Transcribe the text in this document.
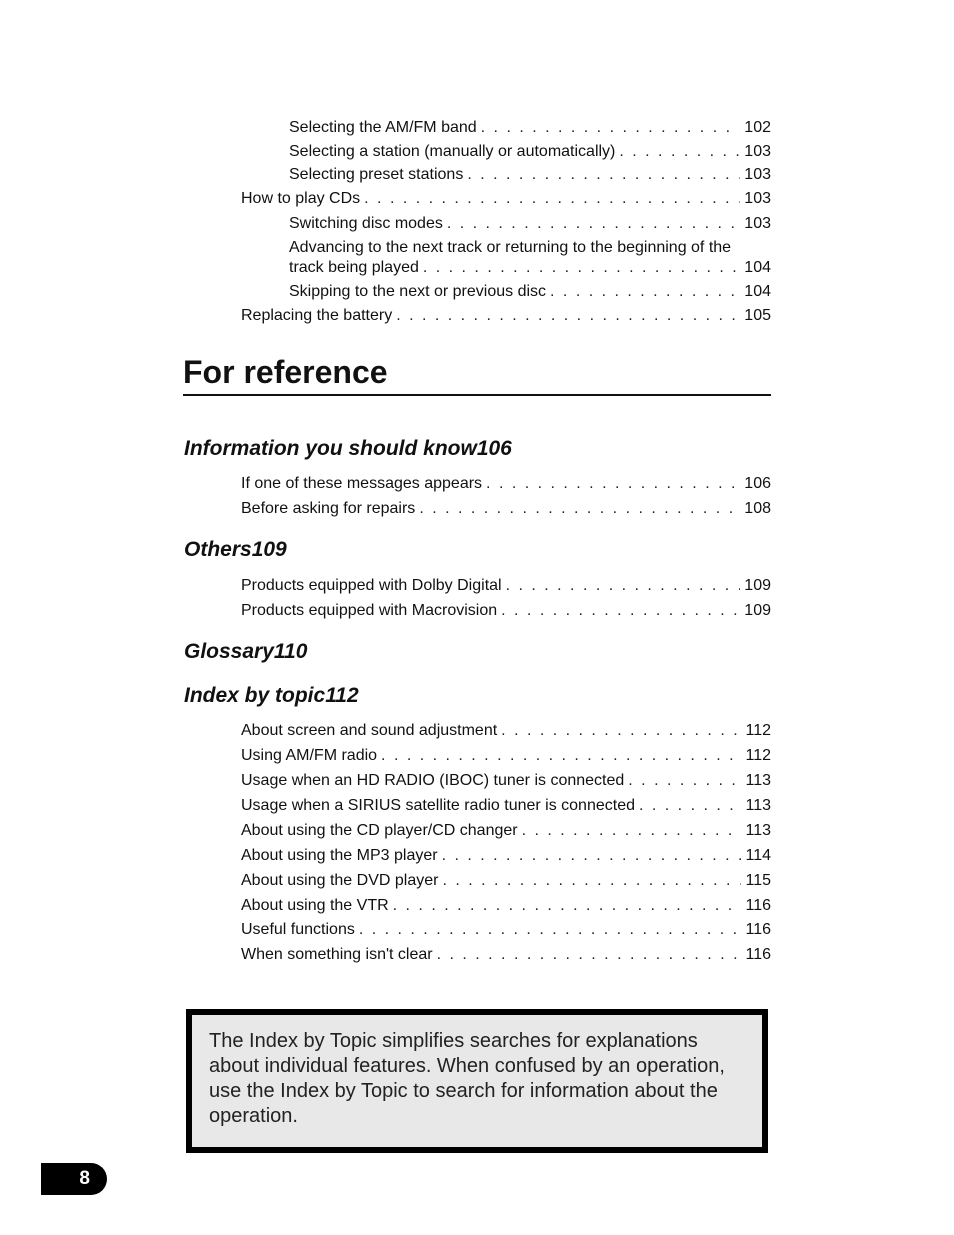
Selecting the AM/FM band . . .	102
Selecting a station (manually or automatically) . . .	103
Selecting preset stations . . .	103
How to play CDs . . .	103
Switching disc modes . . .	103
Advancing to the next track or returning to the beginning of the
track being played . . .	104
Skipping to the next or previous disc . . .	104
Replacing the battery . . .	105
For reference
Information you should know 106
If one of these messages appears . . .	106
Before asking for repairs . . .	108
Others 109
Products equipped with Dolby Digital . . .	109
Products equipped with Macrovision . . .	109
Glossary 110
Index by topic 112
About screen and sound adjustment . . .	112
Using AM/FM radio . . .	112
Usage when an HD RADIO (IBOC) tuner is connected . . .	113
Usage when a SIRIUS satellite radio tuner is connected . . .	113
About using the CD player/CD changer . . .	113
About using the MP3 player . . .	114
About using the DVD player . . .	115
About using the VTR . . .	116
Useful functions . . .	116
When something isn't clear . . .	116

The Index by Topic simplifies searches for explanations about individual features. When confused by an operation, use the Index by Topic to search for information about the operation.

8
